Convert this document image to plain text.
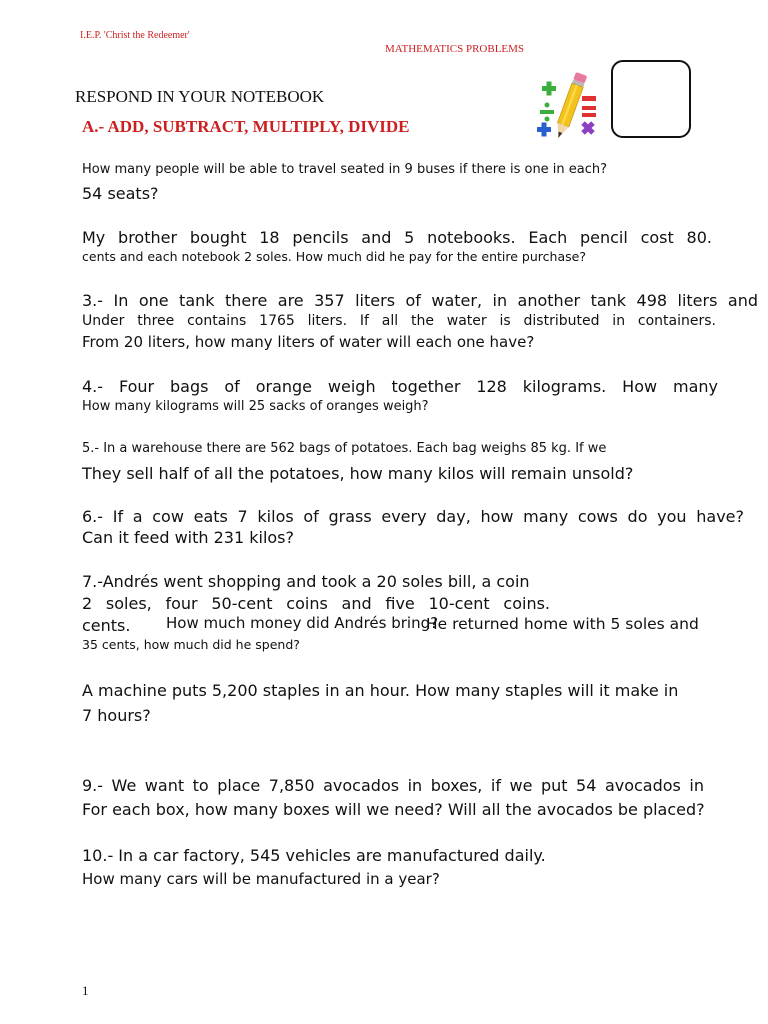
I.E.P. 'Christ the Redeemer'
MATHEMATICS PROBLEMS
RESPOND IN YOUR NOTEBOOK
A.- ADD, SUBTRACT, MULTIPLY, DIVIDE
How many people will be able to travel seated in 9 buses if there is one in each?
54 seats?
My brother bought 18 pencils and 5 notebooks. Each pencil cost 80.
cents and each notebook 2 soles. How much did he pay for the entire purchase?
3.- In one tank there are 357 liters of water, in another tank 498 liters and
Under three contains 1765 liters. If all the water is distributed in containers.
From 20 liters, how many liters of water will each one have?
4.- Four bags of orange weigh together 128 kilograms. How many
How many kilograms will 25 sacks of oranges weigh?
5.- In a warehouse there are 562 bags of potatoes. Each bag weighs 85 kg. If we
They sell half of all the potatoes, how many kilos will remain unsold?
6.- If a cow eats 7 kilos of grass every day, how many cows do you have?
Can it feed with 231 kilos?
7.-Andrés went shopping and took a 20 soles bill, a coin
2 soles, four 50-cent coins and five 10-cent coins.
cents. How much money did Andrés bring?
He returned home with 5 soles and
35 cents, how much did he spend?
A machine puts 5,200 staples in an hour. How many staples will it make in
7 hours?
9.- We want to place 7,850 avocados in boxes, if we put 54 avocados in
For each box, how many boxes will we need? Will all the avocados be placed?
10.- In a car factory, 545 vehicles are manufactured daily.
How many cars will be manufactured in a year?
1
